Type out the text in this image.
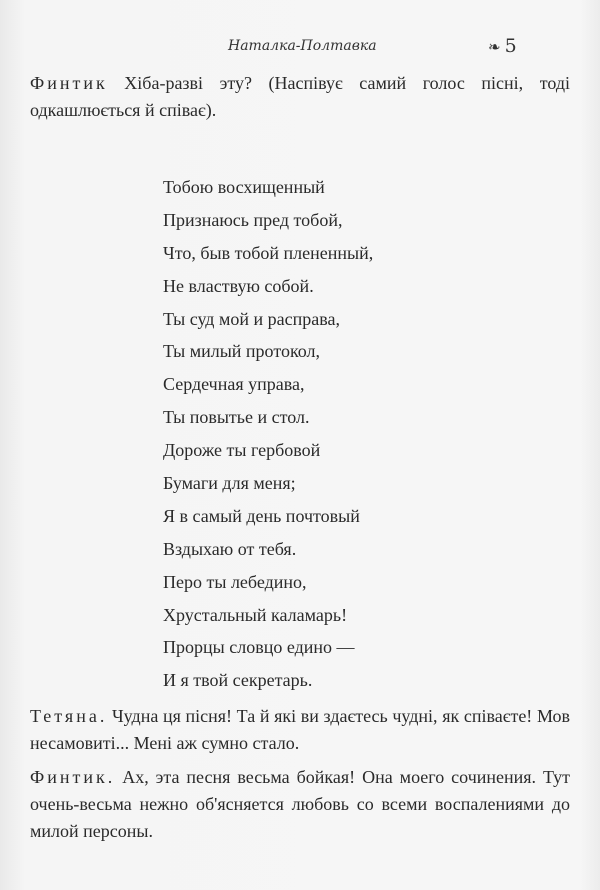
Наталка-Полтавка	❧ 5

Финтик Хіба-разві эту? (Наспівує самий голос пісні, тоді одкашлюється й співає).

Тобою восхищенный
Признаюсь пред тобой,
Что, быв тобой плененный,
Не властвую собой.
Ты суд мой и расправа,
Ты милый протокол,
Сердечная управа,
Ты повытье и стол.
Дороже ты гербовой
Бумаги для меня;
Я в самый день почтовый
Вздыхаю от тебя.
Перо ты лебедино,
Хрустальный каламарь!
Прорцы словцо едино —
И я твой секретарь.

Тетяна. Чудна ця пісня! Та й які ви здаєтесь чудні, як співаєте! Мов несамовиті... Мені аж сумно стало.

Финтик. Ах, эта песня весьма бойкая! Она моего сочинения. Тут очень-весьма нежно об'ясняется любовь со всеми воспалениями до милой персоны.
